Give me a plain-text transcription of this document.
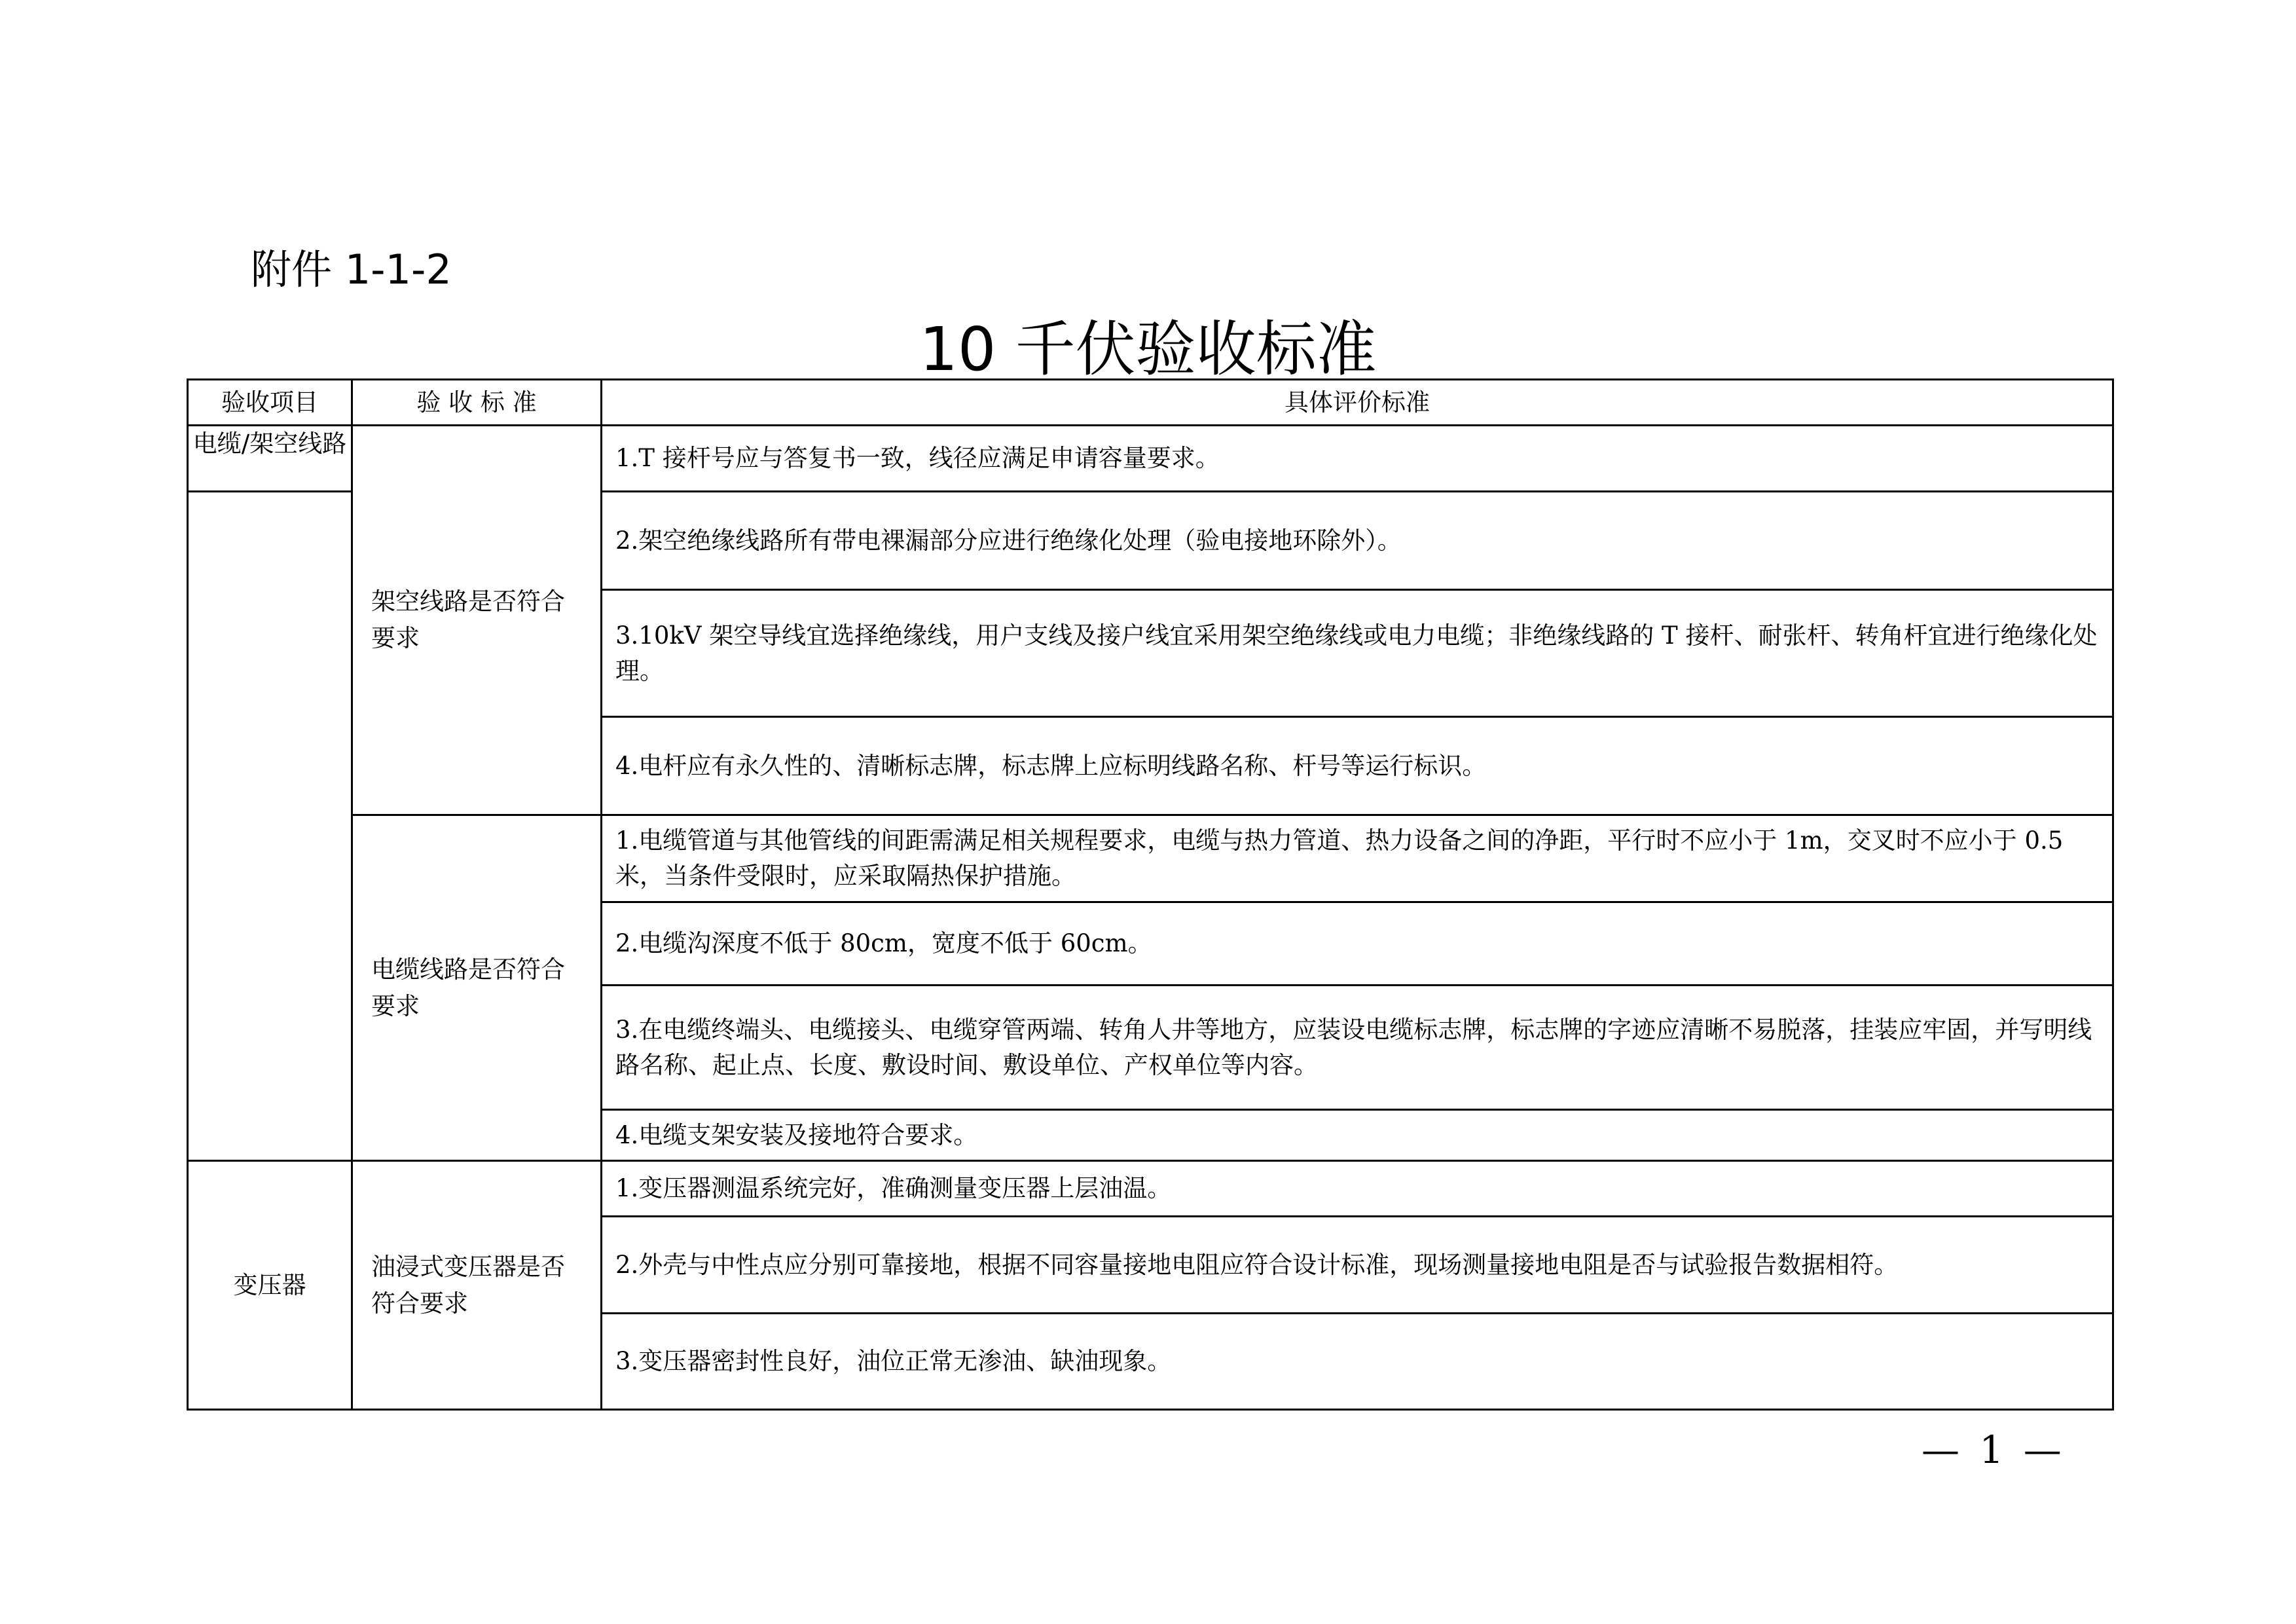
附件 1-1-2
10 千伏验收标准
验收项目	验 收 标 准	具体评价标准
电缆/架空线路	架空线路是否符合要求	1.T 接杆号应与答复书一致，线径应满足申请容量要求。
		2.架空绝缘线路所有带电裸漏部分应进行绝缘化处理（验电接地环除外）。
		3.10kV 架空导线宜选择绝缘线，用户支线及接户线宜采用架空绝缘线或电力电缆；非绝缘线路的 T 接杆、耐张杆、转角杆宜进行绝缘化处理。
		4.电杆应有永久性的、清晰标志牌，标志牌上应标明线路名称、杆号等运行标识。
	电缆线路是否符合要求	1.电缆管道与其他管线的间距需满足相关规程要求，电缆与热力管道、热力设备之间的净距，平行时不应小于 1m，交叉时不应小于 0.5 米，当条件受限时，应采取隔热保护措施。
		2.电缆沟深度不低于 80cm，宽度不低于 60cm。
		3.在电缆终端头、电缆接头、电缆穿管两端、转角人井等地方，应装设电缆标志牌，标志牌的字迹应清晰不易脱落，挂装应牢固，并写明线路名称、起止点、长度、敷设时间、敷设单位、产权单位等内容。
		4.电缆支架安装及接地符合要求。
变压器	油浸式变压器是否符合要求	1.变压器测温系统完好，准确测量变压器上层油温。
		2.外壳与中性点应分别可靠接地，根据不同容量接地电阻应符合设计标准，现场测量接地电阻是否与试验报告数据相符。
		3.变压器密封性良好，油位正常无渗油、缺油现象。
— 1 —
